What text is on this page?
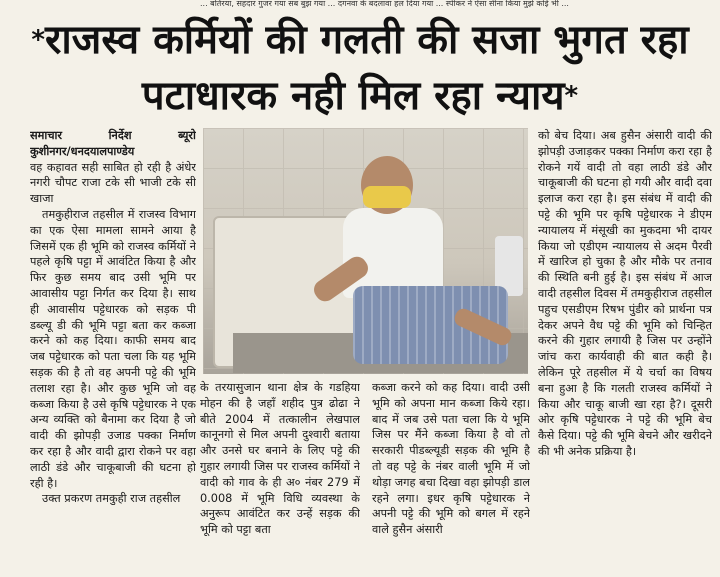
... बतिरया, सहदार गुजर गया सब बुझ गया ... दगनवा के बदलावा हल दिया गया ... स्पीकर ने ऐसा सीना किया मुझे कोई भी ...
*राजस्व कर्मियों की गलती की सजा भुगत रहा
पटाधारक नही मिल रहा न्याय*
समाचार	निर्देश	ब्यूरो
कुशीनगर/धनदयालपाण्डेय

वह कहावत सही साबित हो रही है अंधेर नगरी चौपट राजा टके सी भाजी टके सी खाजा

तमकुहीराज तहसील में राजस्व विभाग का एक ऐसा मामला सामने आया है जिसमें एक ही भूमि को राजस्व कर्मियों ने पहले कृषि पट्टा में आवंटित किया है और फिर कुछ समय बाद उसी भूमि पर आवासीय पट्टा निर्गत कर दिया है। साथ ही आवासीय पट्टेधारक को सड़क पी डब्ल्यू डी की भूमि पट्टा बता कर कब्जा करने को कह दिया। काफी समय बाद जब पट्टेधारक को पता चला कि यह भूमि सड़क की है तो वह अपनी पट्टे की भूमि तलाश रहा है। और कुछ भूमि जो वह कब्जा किया है उसे कृषि पट्टेधारक ने एक अन्य व्यक्ति को बैनामा कर दिया है जो वादी की झोपड़ी उजाड पक्का निर्माण कर रहा है और वादी द्वारा रोकने पर वहा लाठी डंडे और चाकूबाजी की घटना हो रही है।

उक्त प्रकरण तमकुही राज तहसील

के तरयासुजान थाना क्षेत्र के गडहिया मोहन की है जहाँ शहीद पुत्र ढोढा ने बीते 2004 में तत्कालीन लेखपाल कानूनगो से मिल अपनी दुश्वारी बताया और उनसे घर बनाने के लिए पट्टे की गुहार लगायी जिस पर राजस्व कर्मियों ने वादी को गाव के ही अ० नंबर 279 में 0.008 में भूमि विधि व्यवस्था के अनुरूप आवंटित कर उन्हें सड़क की भूमि को पट्टा बता

कब्जा करने को कह दिया। वादी उसी भूमि को अपना मान कब्जा किये रहा। बाद में जब उसे पता चला कि ये भूमि जिस पर मैंने कब्जा किया है वो तो सरकारी पीडब्ल्यूडी सड़क की भूमि है तो वह पट्टे के नंबर वाली भूमि में जो थोड़ा जगह बचा दिखा वहा झोपड़ी डाल रहने लगा। इधर कृषि पट्टेधारक ने अपनी पट्टे की भूमि को बगल में रहने वाले हुसैन अंसारी

को बेच दिया। अब हुसैन अंसारी वादी की झोपड़ी उजाड़कर पक्का निर्माण करा रहा है रोकने गयें वादी तो वहा लाठी डंडे और चाकूबाजी की घटना हो गयी और वादी दवा इलाज करा रहा है। इस संबंध में वादी की पट्टे की भूमि पर कृषि पट्टेधारक ने डीएम न्यायालय में मंसूखी का मुकदमा भी दायर किया जो एडीएम न्यायालय से अदम पैरवी में खारिज हो चुका है और मौके पर तनाव की स्थिति बनी हुई है। इस संबंध में आज वादी तहसील दिवस में तमकुहीराज तहसील पहुच एसडीएम रिषभ पुंडीर को प्रार्थना पत्र देकर अपने वैध पट्टे की भूमि को चिन्हित करने की गुहार लगायी है जिस पर उन्होंने जांच करा कार्यवाही की बात कही है। लेकिन पूरे तहसील में ये चर्चा का विषय बना हुआ है कि गलती राजस्व कर्मियों ने किया और चाकू बाजी खा रहा है?। दूसरी ओर कृषि पट्टेधारक ने पट्टे की भूमि बेच कैसे दिया। पट्टे की भूमि बेचने और खरीदने की भी अनेक प्रक्रिया है।
